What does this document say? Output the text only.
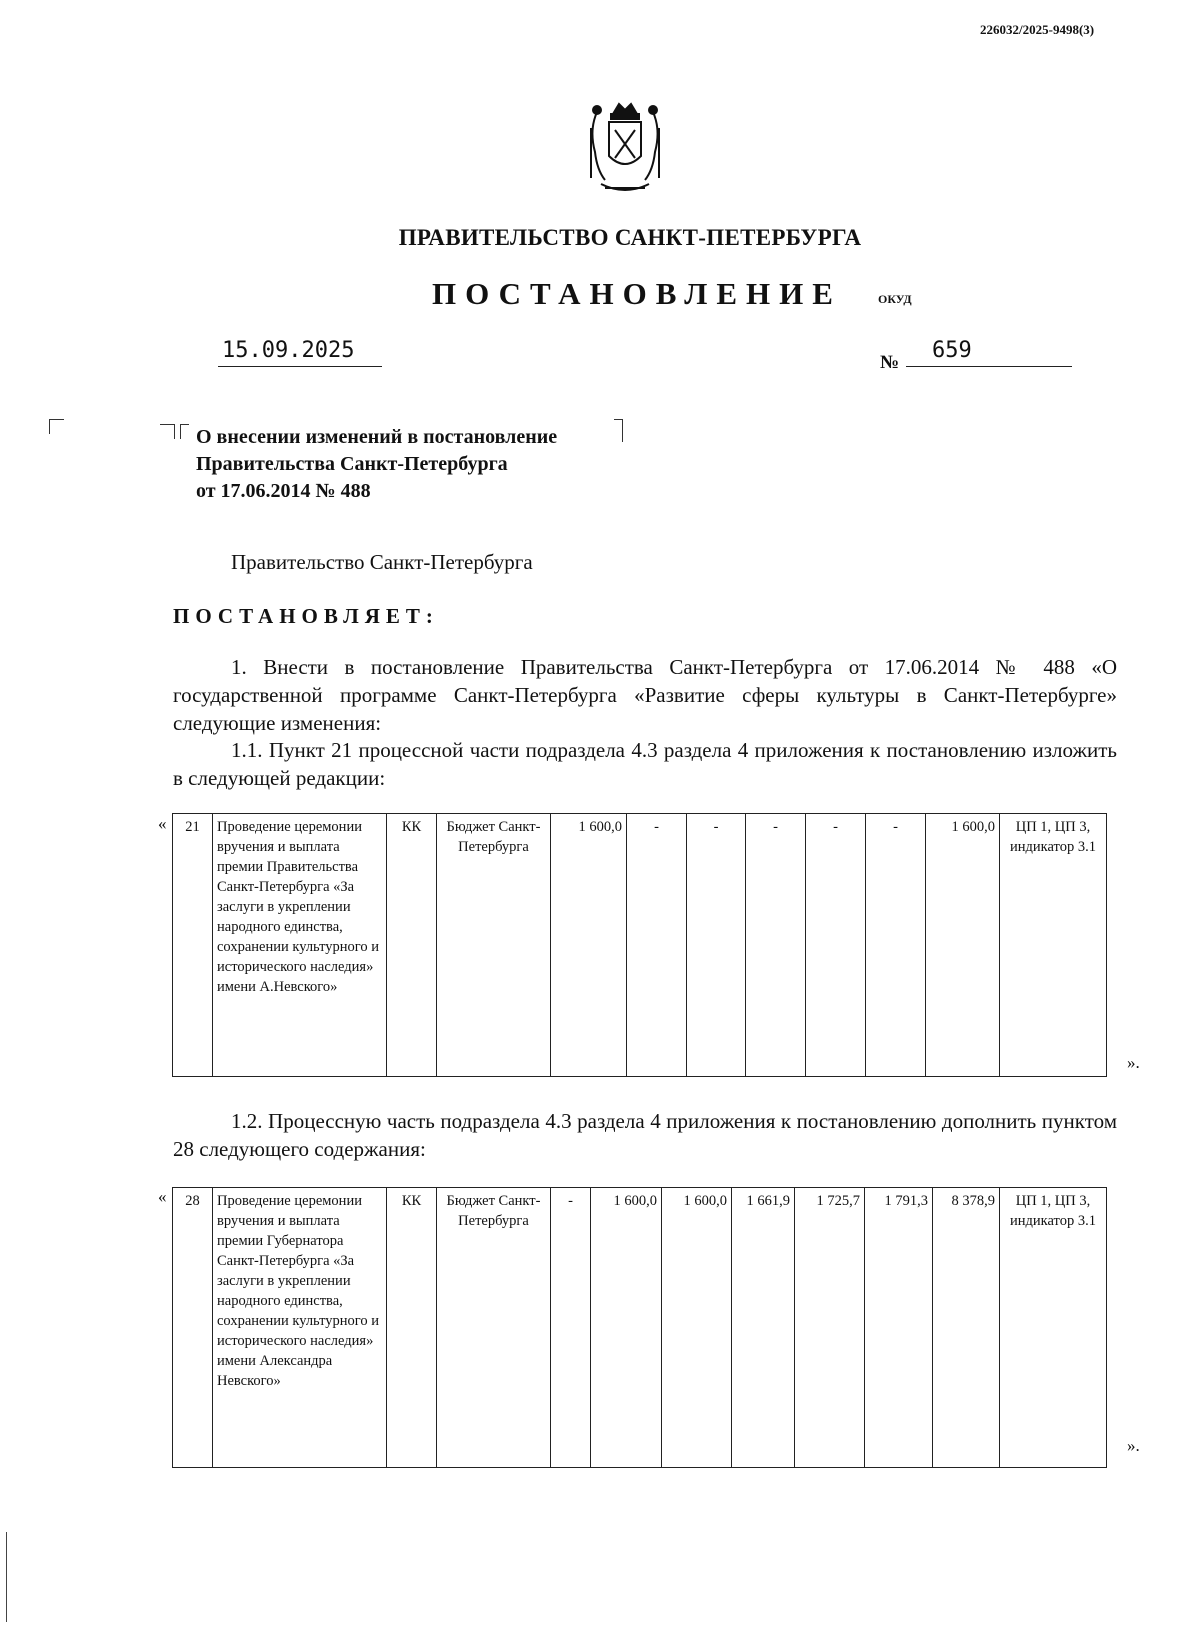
226032/2025-9498(3)
ПРАВИТЕЛЬСТВО САНКТ-ПЕТЕРБУРГА
ПОСТАНОВЛЕНИЕ	ОКУД
15.09.2025	№	659
О внесении изменений в постановление
Правительства Санкт-Петербурга
от 17.06.2014 № 488
Правительство Санкт-Петербурга
ПОСТАНОВЛЯЕТ:
1. Внести в постановление Правительства Санкт-Петербурга от 17.06.2014 № 488 «О государственной программе Санкт-Петербурга «Развитие сферы культуры в Санкт-Петербурге» следующие изменения:
1.1. Пункт 21 процессной части подраздела 4.3 раздела 4 приложения к постановлению изложить в следующей редакции:
« 21	Проведение церемонии вручения и выплата премии Правительства Санкт-Петербурга «За заслуги в укреплении народного единства, сохранении культурного и исторического наследия» имени А.Невского»	КК	Бюджет Санкт-Петербурга	1 600,0	-	-	-	-	-	1 600,0	ЦП 1, ЦП 3, индикатор 3.1
».
1.2. Процессную часть подраздела 4.3 раздела 4 приложения к постановлению дополнить пунктом 28 следующего содержания:
« 28	Проведение церемонии вручения и выплата премии Губернатора Санкт-Петербурга «За заслуги в укреплении народного единства, сохранении культурного и исторического наследия» имени Александра Невского»	КК	Бюджет Санкт-Петербурга	-	1 600,0	1 600,0	1 661,9	1 725,7	1 791,3	8 378,9	ЦП 1, ЦП 3, индикатор 3.1
».
